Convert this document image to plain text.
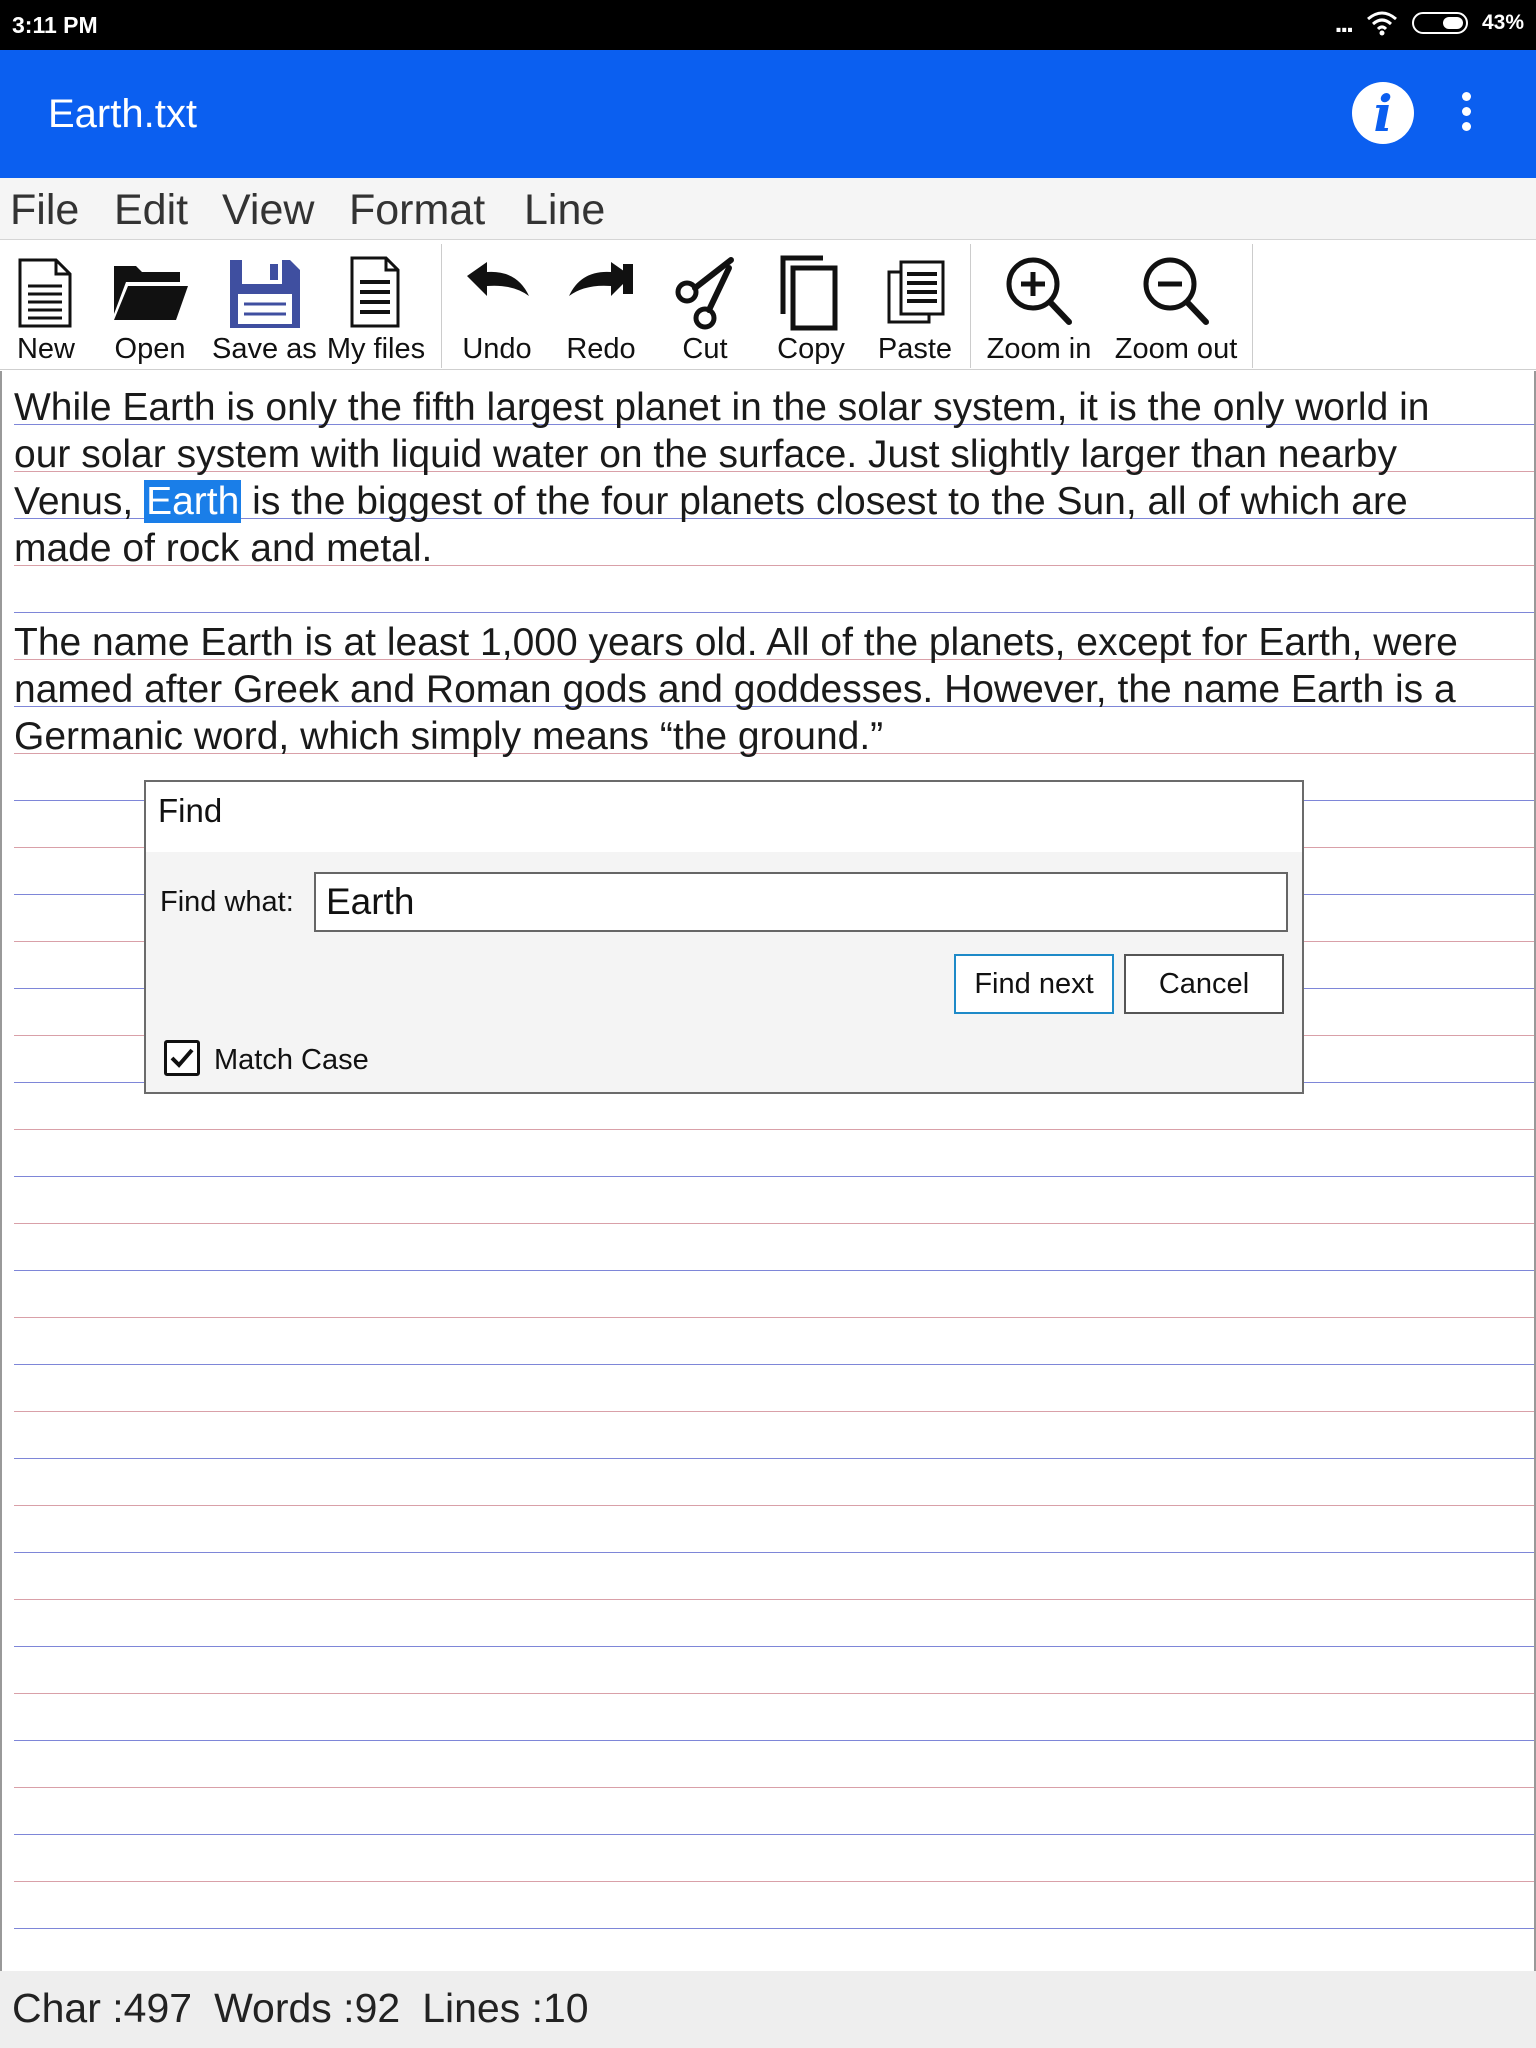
3:11 PM	...	43%
Earth.txt	i
File Edit View Format Line
New	Open Save as My files	Undo	Redo	Cut	Copy	Paste Zoom in Zoom out
While Earth is only the fifth largest planet in the solar system, it is the only world in
our solar system with liquid water on the surface. Just slightly larger than nearby
Venus, Earth is the biggest of the four planets closest to the Sun, all of which are
made of rock and metal.
The name Earth is at least 1,000 years old. All of the planets, except for Earth, were
named after Greek and Roman gods and goddesses. However, the name Earth is a
Germanic word, which simply means “the ground.”
Find
Find what:
Earth
Find next	Cancel
Match Case
Char :497 Words :92 Lines :10
